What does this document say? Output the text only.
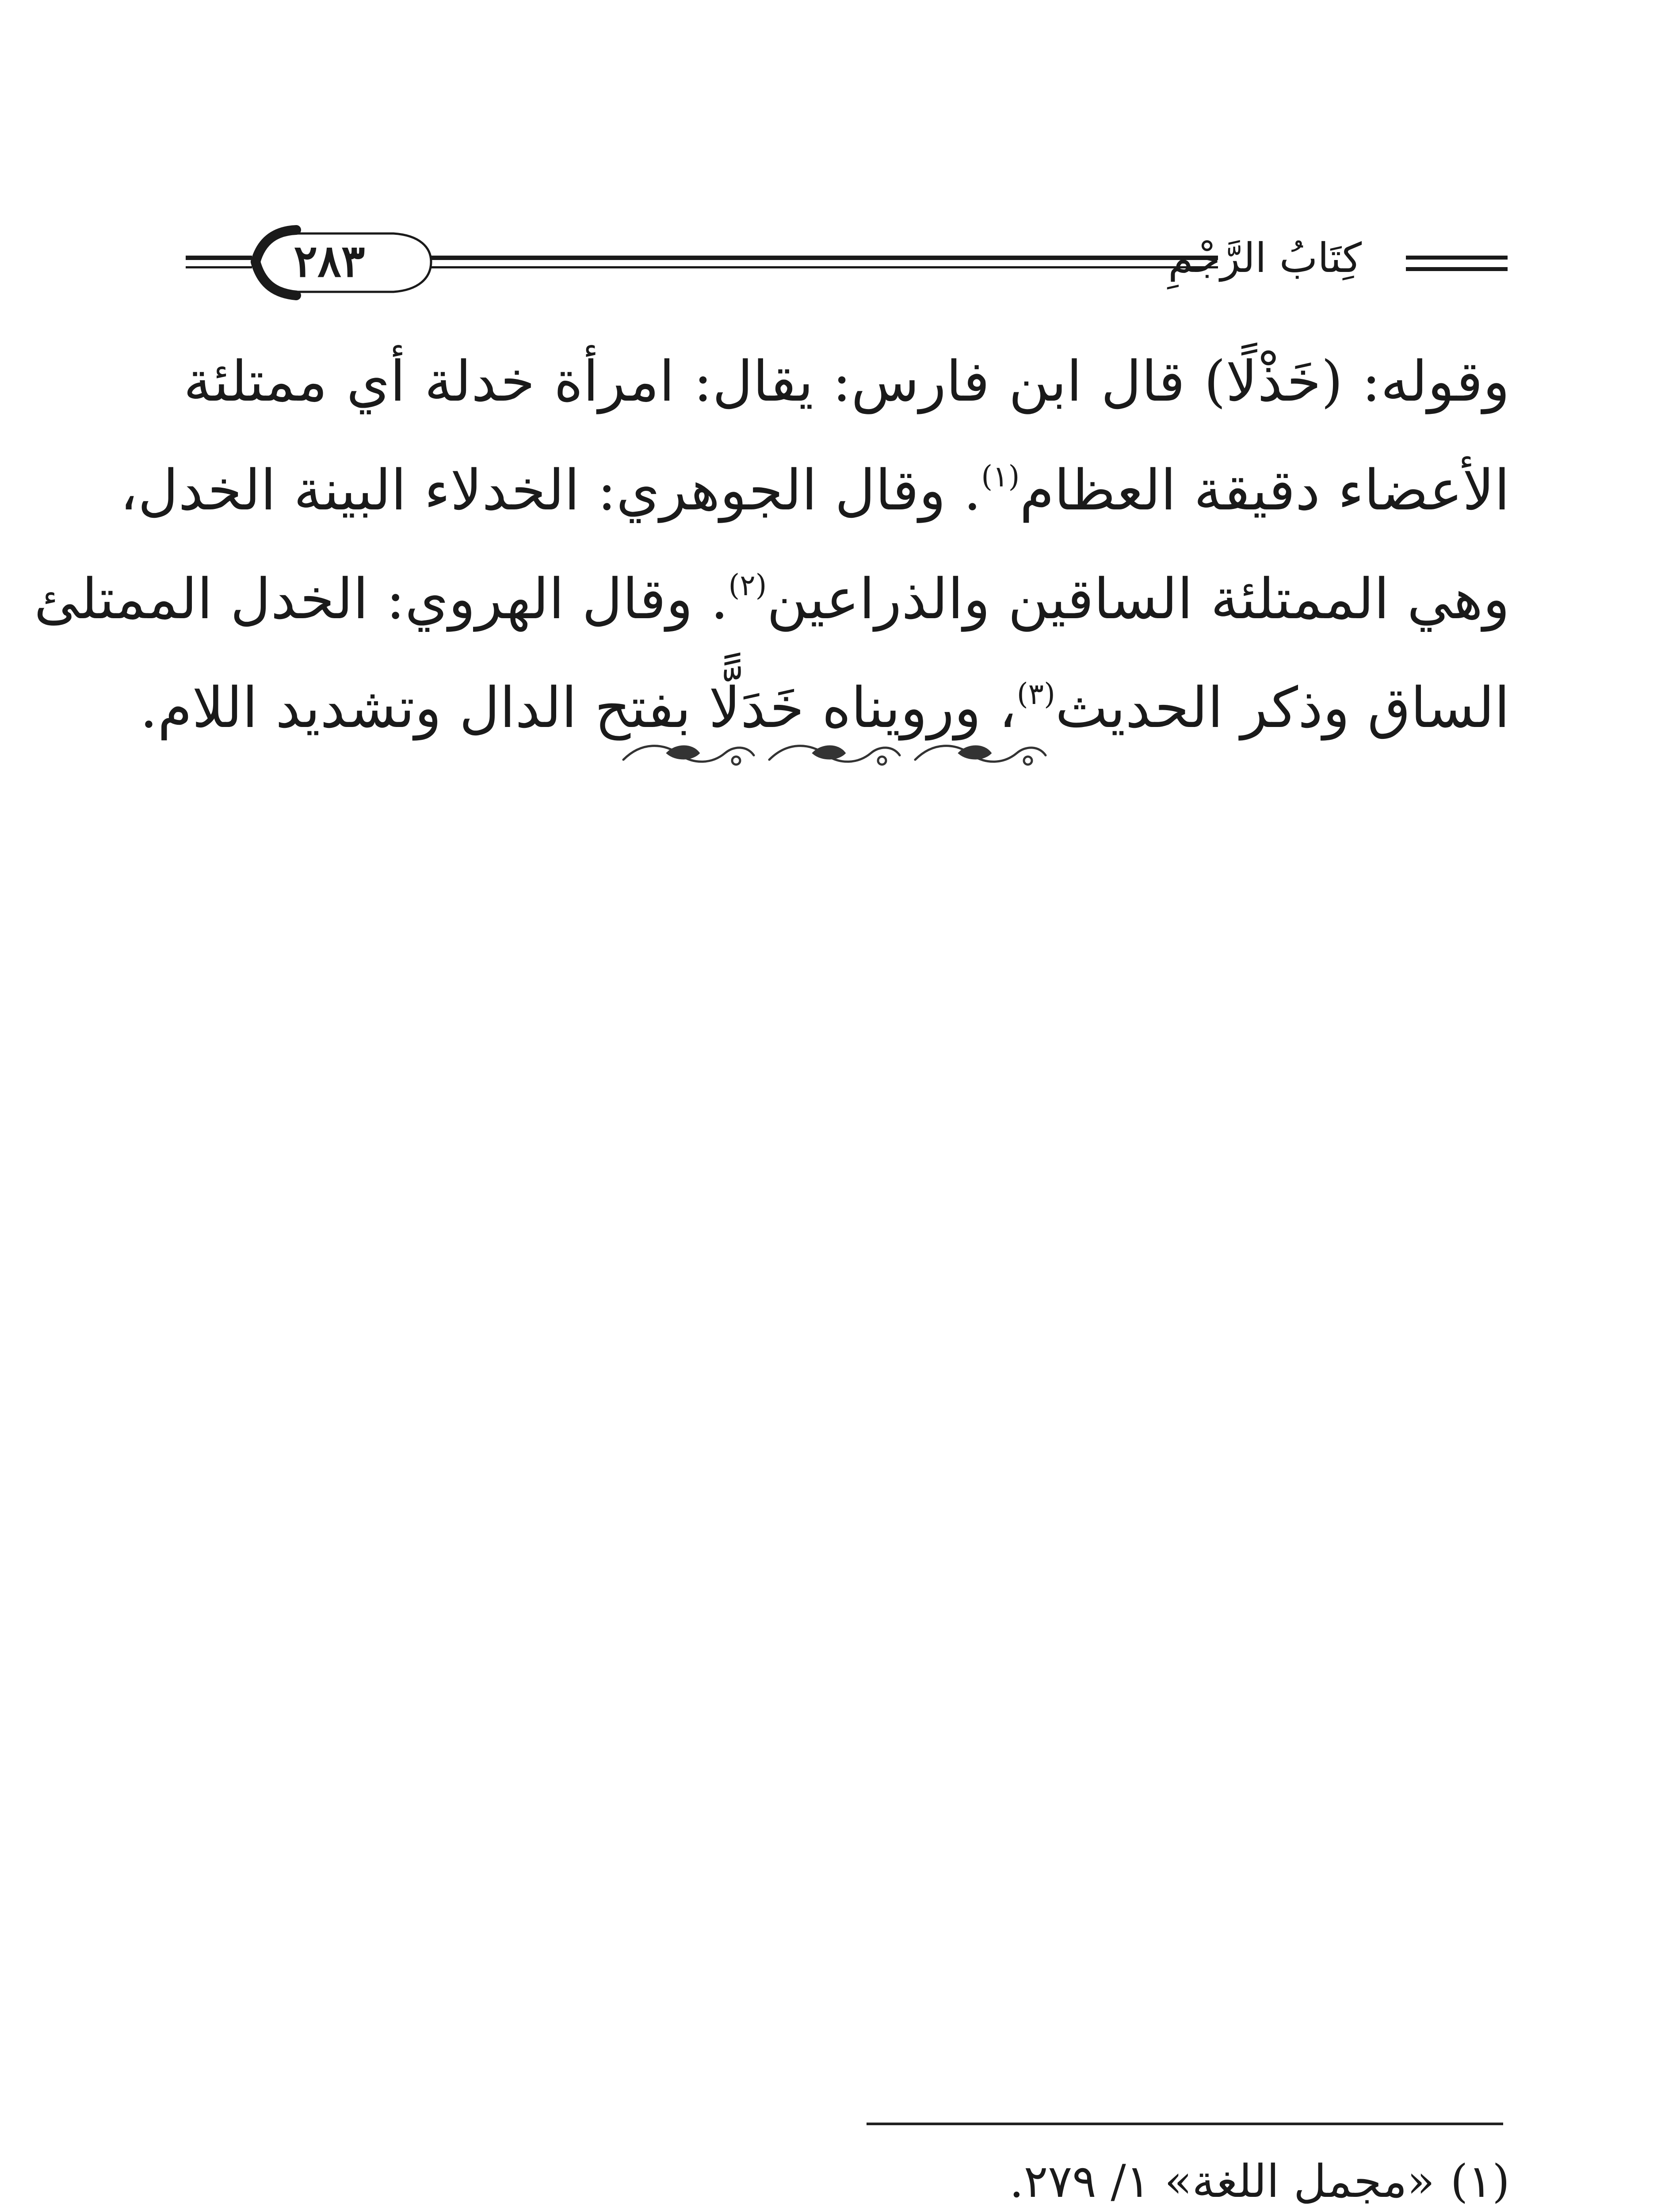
كِتَابُ الرَّجْمِ
٢٨٣
وقوله: (خَذْلًا) قال ابن فارس: يقال: امرأة خدلة أي ممتلئة
الأعضاء دقيقة العظام$^{(١)}$. وقال الجوهري: الخدلاء البينة الخدل،
وهي الممتلئة الساقين والذراعين$^{(٢)}$. وقال الهروي: الخدل الممتلئ
الساق وذكر الحديث$^{(٣)}$، ورويناه خَدَلًّا بفتح الدال وتشديد اللام.
(١)
«مجمل اللغة» ١/ ٢٧٩.
